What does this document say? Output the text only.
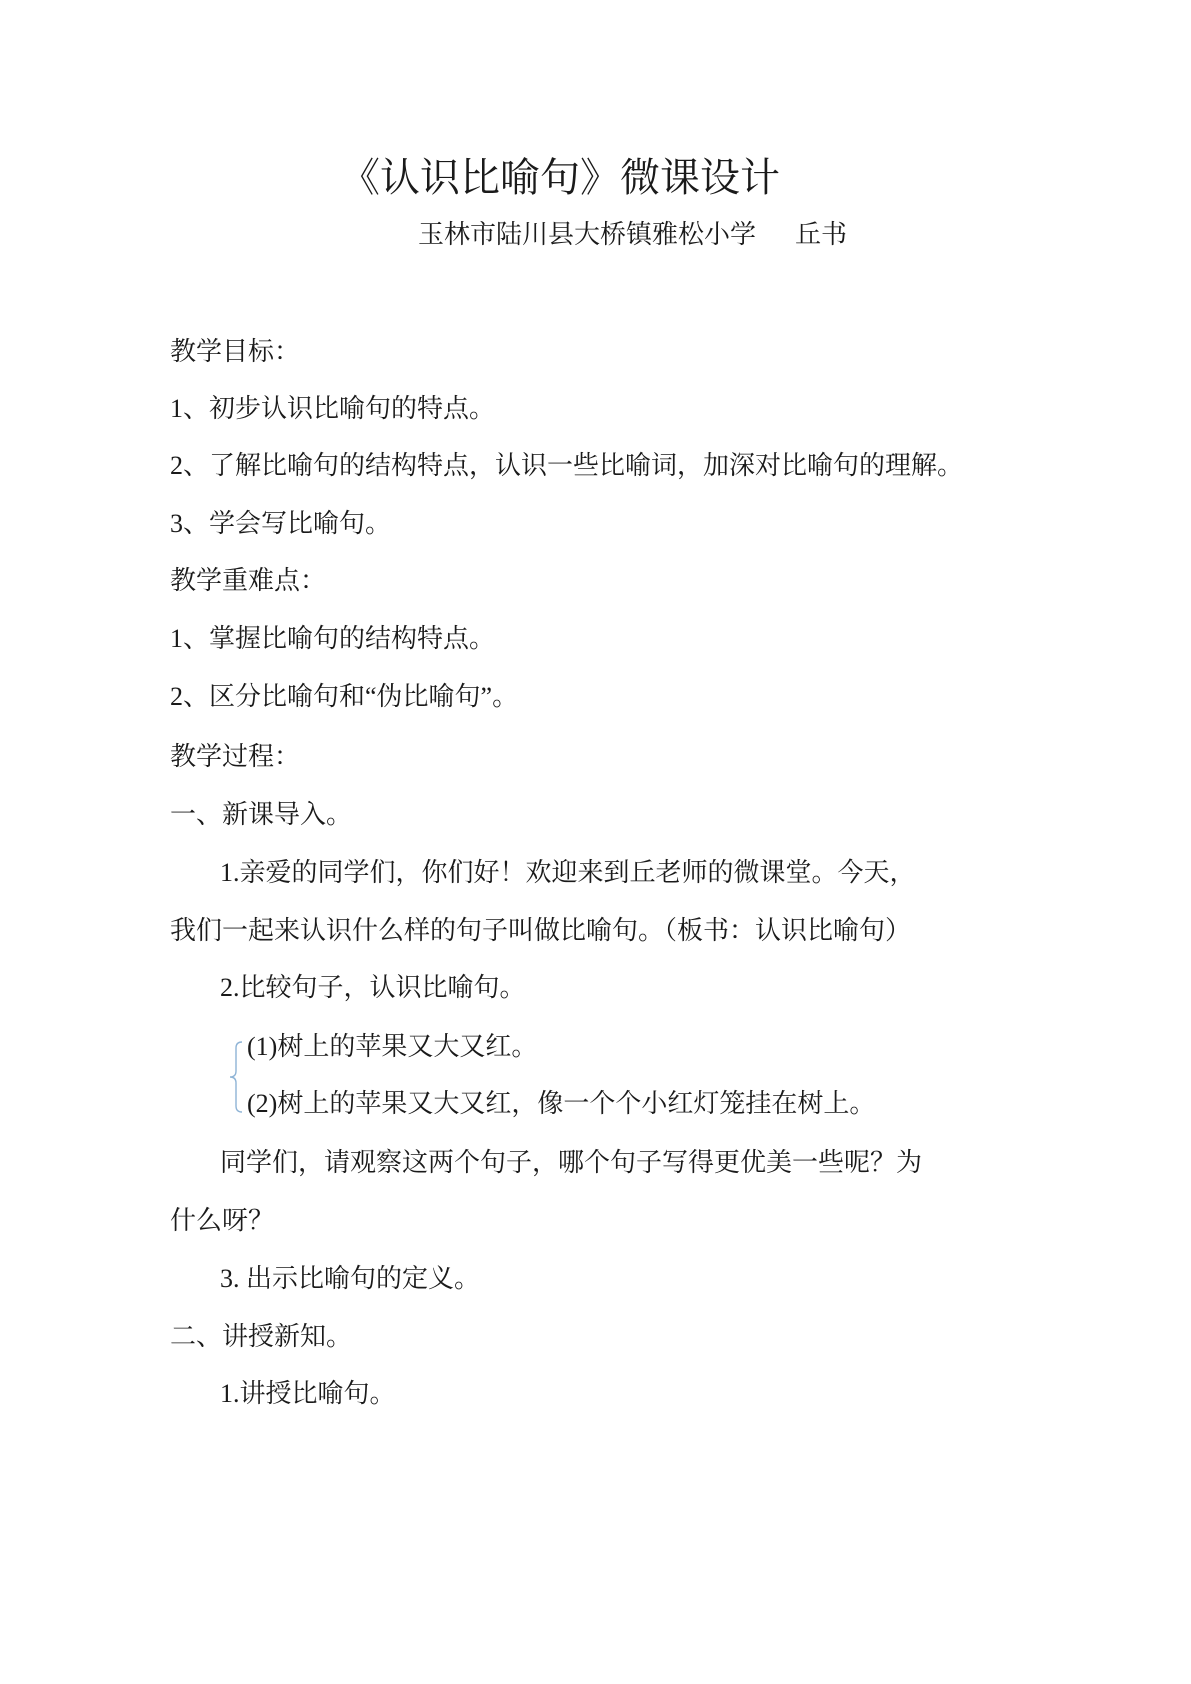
《认识比喻句》微课设计
玉林市陆川县大桥镇雅松小学 丘书
教学目标：
1、初步认识比喻句的特点。
2、了解比喻句的结构特点，认识一些比喻词，加深对比喻句的理解。
3、学会写比喻句。
教学重难点：
1、掌握比喻句的结构特点。
2、区分比喻句和“伪比喻句”。
教学过程：
一、新课导入。
1.亲爱的同学们，你们好！欢迎来到丘老师的微课堂。今天，
我们一起来认识什么样的句子叫做比喻句。（板书：认识比喻句）
2.比较句子，认识比喻句。
(1)树上的苹果又大又红。
(2)树上的苹果又大又红，像一个个小红灯笼挂在树上。
同学们，请观察这两个句子，哪个句子写得更优美一些呢？为
什么呀？
3. 出示比喻句的定义。
二、讲授新知。
1.讲授比喻句。
